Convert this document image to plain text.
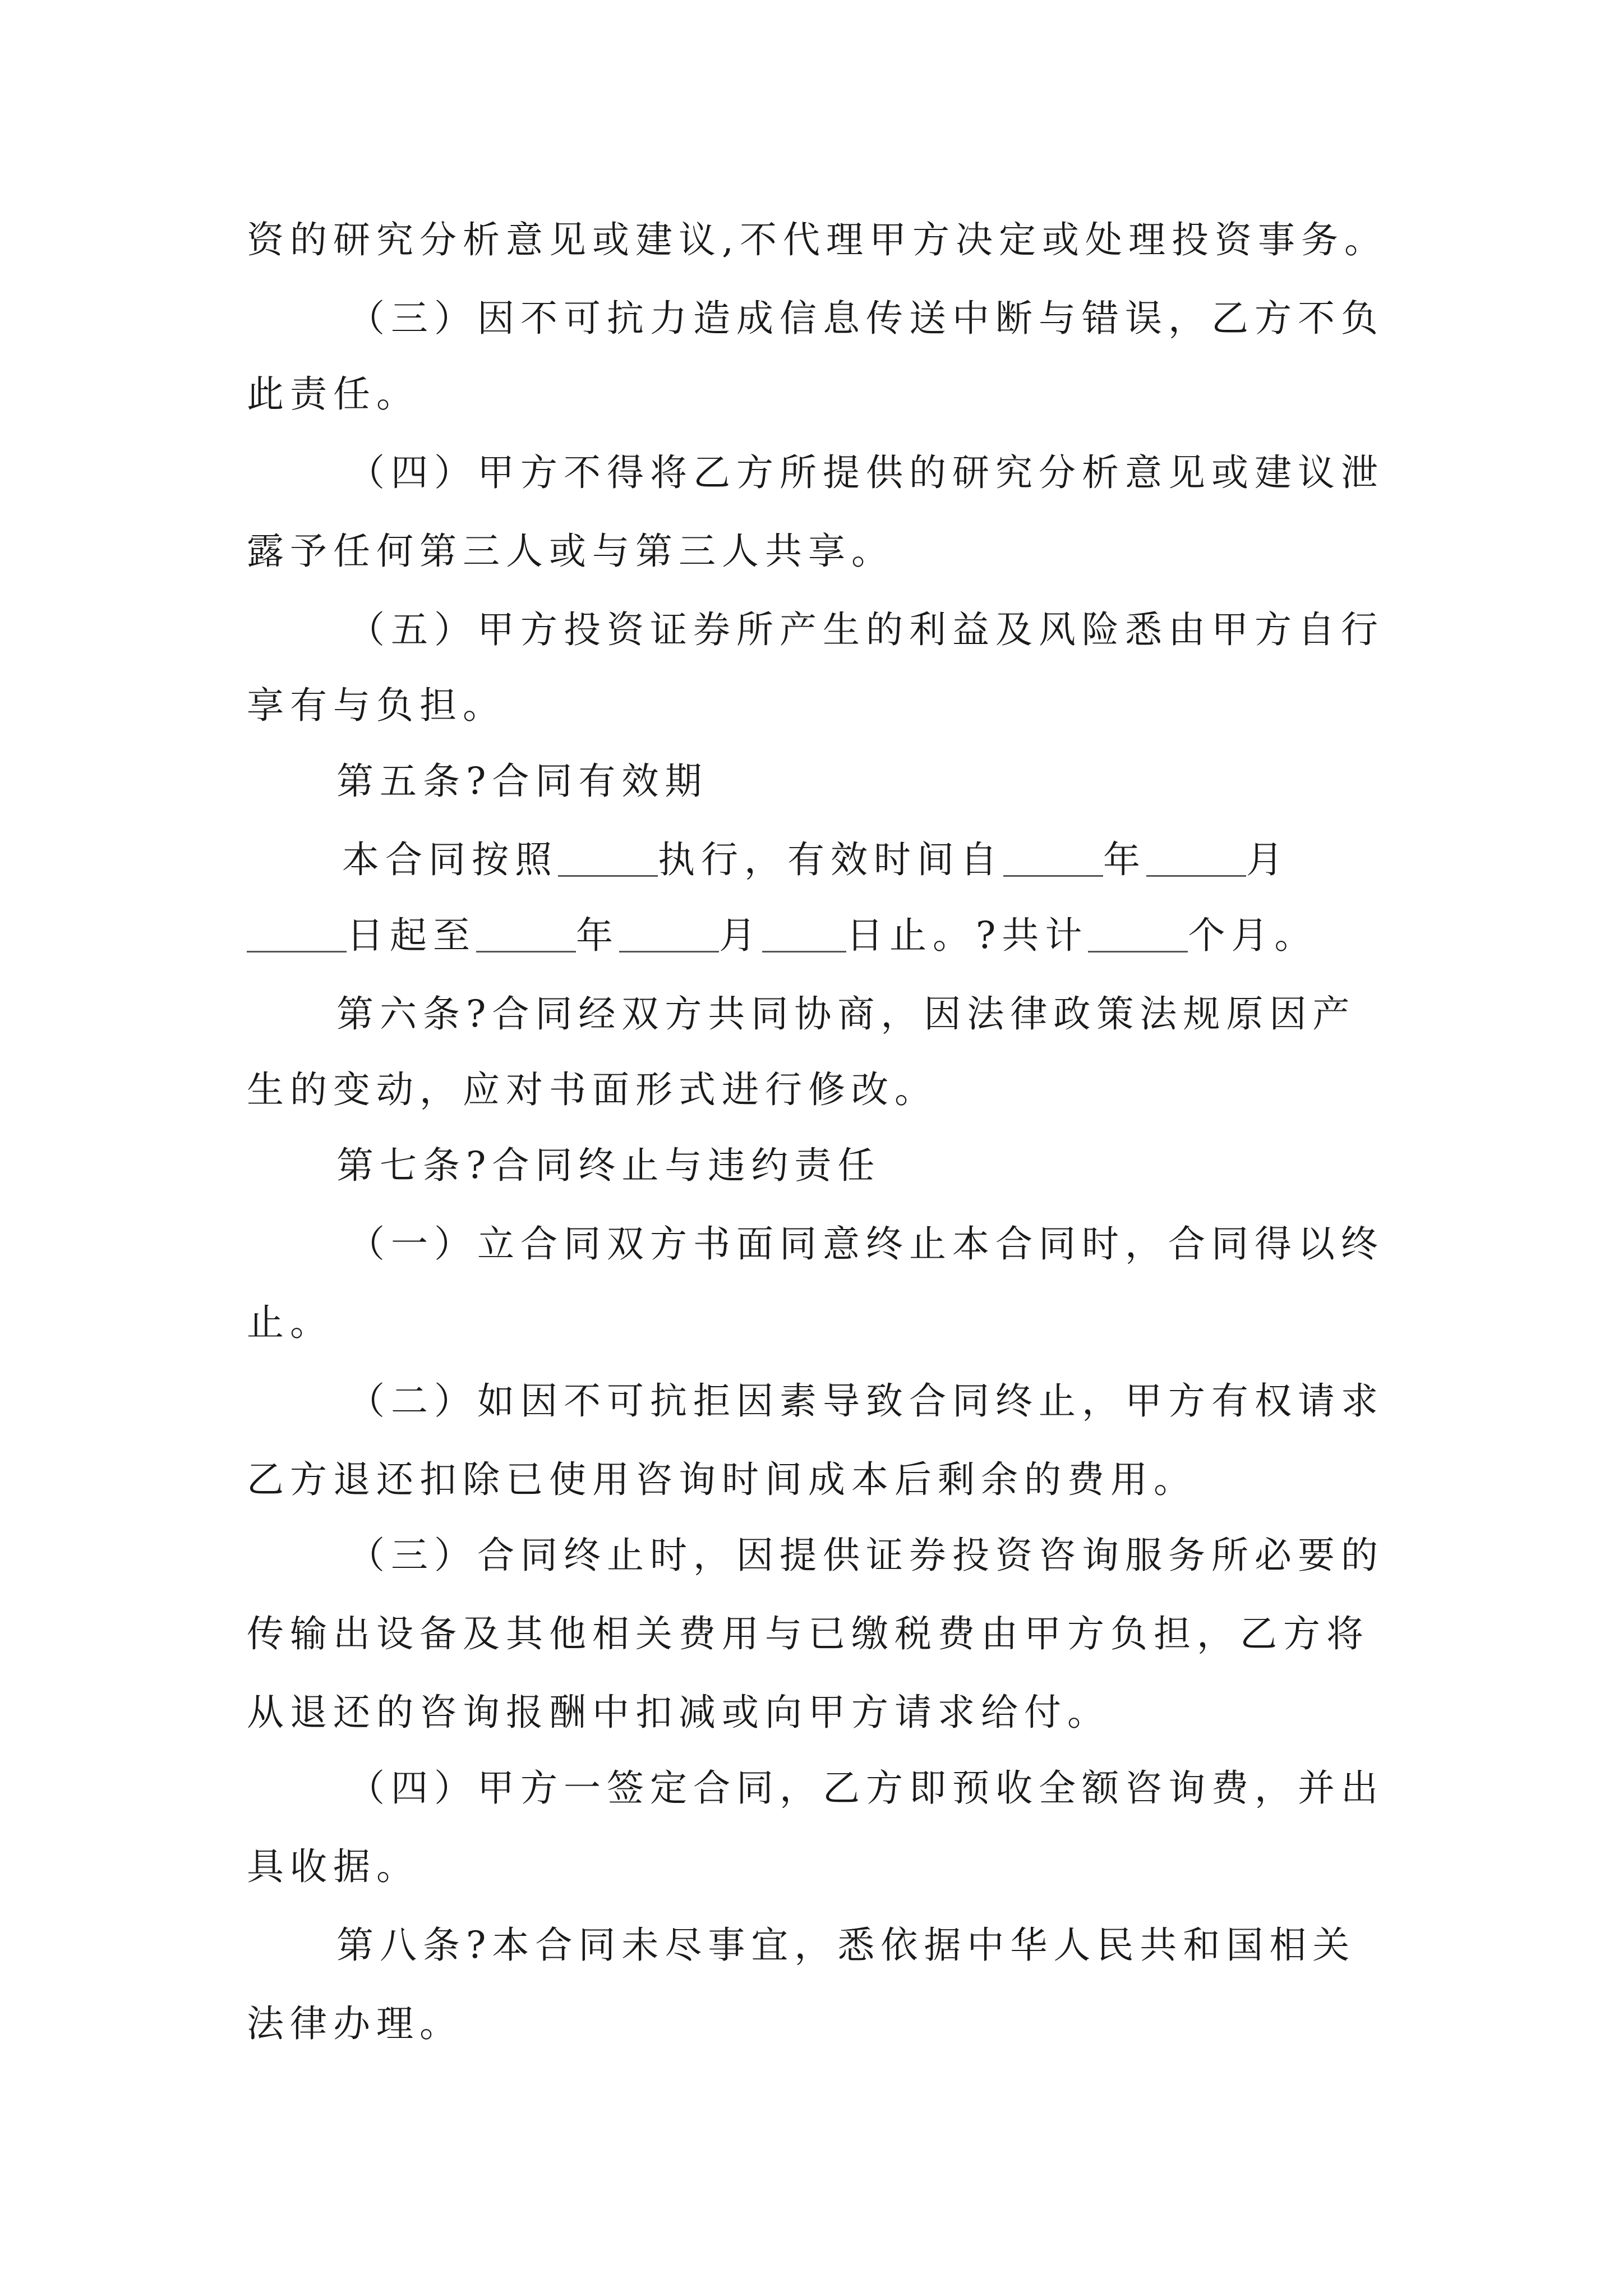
资的研究分析意见或建议,不代理甲方决定或处理投资事务。
（三）因不可抗力造成信息传送中断与错误，乙方不负
此责任。
（四）甲方不得将乙方所提供的研究分析意见或建议泄
露予任何第三人或与第三人共享。
（五）甲方投资证券所产生的利益及风险悉由甲方自行
享有与负担。
第五条?合同有效期
本合同按照	执行，有效时间自	年	月
日起至	年	月 日止。?共计	个月。
第六条?合同经双方共同协商，因法律政策法规原因产
生的变动，应对书面形式进行修改。
第七条?合同终止与违约责任
（一）立合同双方书面同意终止本合同时，合同得以终
止。
（二）如因不可抗拒因素导致合同终止，甲方有权请求
乙方退还扣除已使用咨询时间成本后剩余的费用。
（三）合同终止时，因提供证券投资咨询服务所必要的
传输出设备及其他相关费用与已缴税费由甲方负担，乙方将
从退还的咨询报酬中扣减或向甲方请求给付。
（四）甲方一签定合同，乙方即预收全额咨询费，并出
具收据。
第八条?本合同未尽事宜，悉依据中华人民共和国相关
法律办理。
